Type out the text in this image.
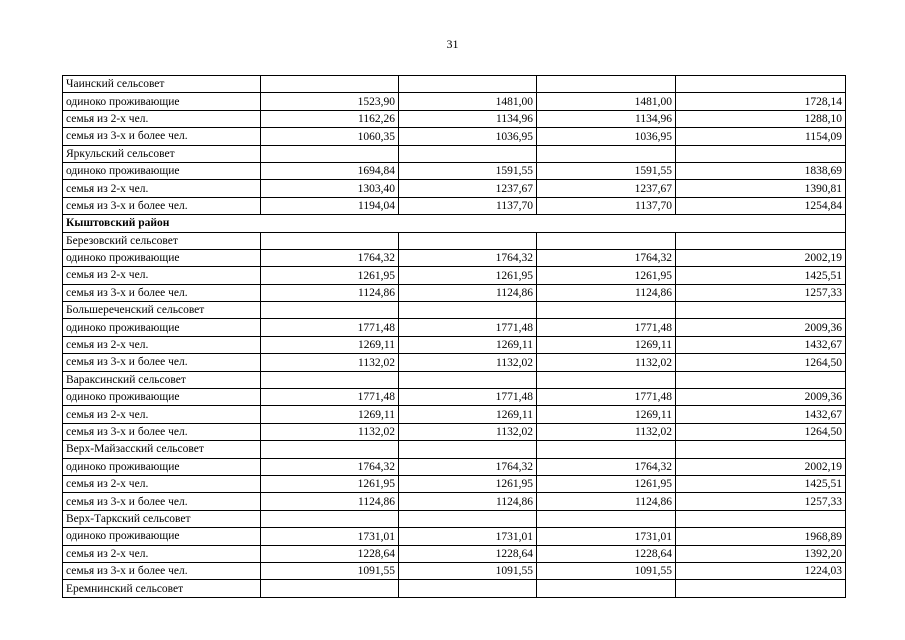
31
Чаинский сельсовет				
одиноко проживающие	1523,90	1481,00	1481,00	1728,14
семья из 2-х чел.	1162,26	1134,96	1134,96	1288,10
семья из 3-х и более чел.	1060,35	1036,95	1036,95	1154,09
Яркульский сельсовет				
одиноко проживающие	1694,84	1591,55	1591,55	1838,69
семья из 2-х чел.	1303,40	1237,67	1237,67	1390,81
семья из 3-х и более чел.	1194,04	1137,70	1137,70	1254,84
Кыштовский район				
Березовский сельсовет				
одиноко проживающие	1764,32	1764,32	1764,32	2002,19
семья из 2-х чел.	1261,95	1261,95	1261,95	1425,51
семья из 3-х и более чел.	1124,86	1124,86	1124,86	1257,33
Большереченский сельсовет				
одиноко проживающие	1771,48	1771,48	1771,48	2009,36
семья из 2-х чел.	1269,11	1269,11	1269,11	1432,67
семья из 3-х и более чел.	1132,02	1132,02	1132,02	1264,50
Вараксинский сельсовет				
одиноко проживающие	1771,48	1771,48	1771,48	2009,36
семья из 2-х чел.	1269,11	1269,11	1269,11	1432,67
семья из 3-х и более чел.	1132,02	1132,02	1132,02	1264,50
Верх-Майзасский сельсовет				
одиноко проживающие	1764,32	1764,32	1764,32	2002,19
семья из 2-х чел.	1261,95	1261,95	1261,95	1425,51
семья из 3-х и более чел.	1124,86	1124,86	1124,86	1257,33
Верх-Таркский сельсовет				
одиноко проживающие	1731,01	1731,01	1731,01	1968,89
семья из 2-х чел.	1228,64	1228,64	1228,64	1392,20
семья из 3-х и более чел.	1091,55	1091,55	1091,55	1224,03
Еремнинский сельсовет				
